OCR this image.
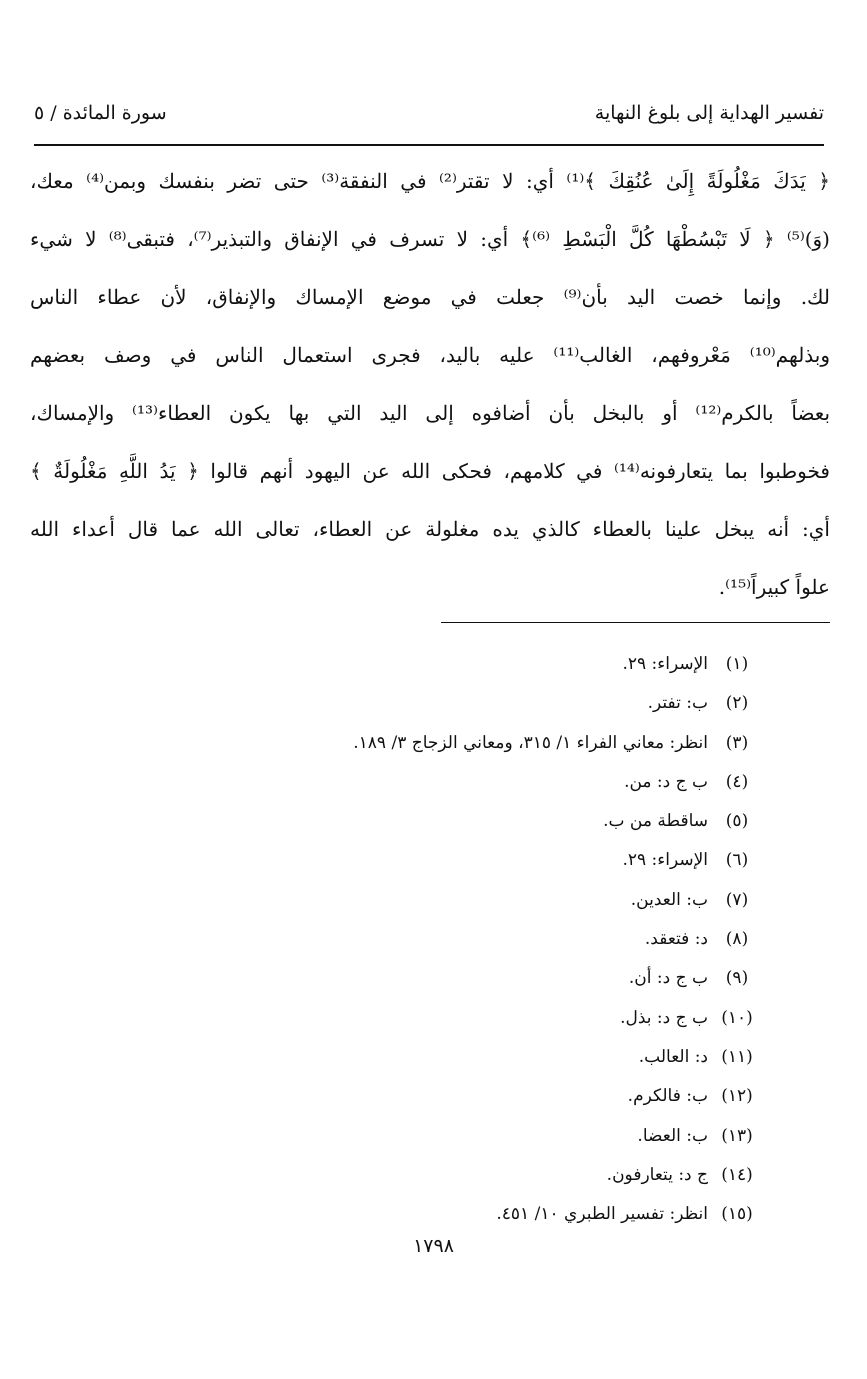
تفسير الهداية إلى بلوغ النهاية
سورة المائدة / ٥
﴿ يَدَكَ مَغْلُولَةً إِلَىٰ عُنُقِكَ ﴾⁽¹⁾ أي: لا تقتر⁽²⁾ في النفقة⁽³⁾ حتى تضر بنفسك وبمن⁽⁴⁾ معك،
(وَ)⁽⁵⁾ ﴿ لَا تَبْسُطْهَا كُلَّ الْبَسْطِ ⁽⁶⁾﴾ أي: لا تسرف في الإنفاق والتبذير⁽⁷⁾، فتبقى⁽⁸⁾ لا شيء
لك. وإنما خصت اليد بأن⁽⁹⁾ جعلت في موضع الإمساك والإنفاق، لأن عطاء الناس
وبذلهم⁽¹⁰⁾ مَعْروفهم، الغالب⁽¹¹⁾ عليه باليد، فجرى استعمال الناس في وصف بعضهم
بعضاً بالكرم⁽¹²⁾ أو بالبخل بأن أضافوه إلى اليد التي بها يكون العطاء⁽¹³⁾ والإمساك،
فخوطبوا بما يتعارفونه⁽¹⁴⁾ في كلامهم، فحكى الله عن اليهود أنهم قالوا ﴿ يَدُ اللَّهِ مَغْلُولَةٌ ﴾
أي: أنه يبخل علينا بالعطاء كالذي يده مغلولة عن العطاء، تعالى الله عما قال أعداء الله
علواً كبيراً⁽¹⁵⁾.
(١)الإسراء: ٢٩.
(٢)ب: تفتر.
(٣)انظر: معاني الفراء ١/ ٣١٥، ومعاني الزجاج ٣/ ١٨٩.
(٤)ب ج د: من.
(٥)ساقطة من ب.
(٦)الإسراء: ٢٩.
(٧)ب: العدين.
(٨)د: فتعقد.
(٩)ب ج د: أن.
(١٠)ب ج د: بذل.
(١١)د: العالب.
(١٢)ب: فالكرم.
(١٣)ب: العضا.
(١٤)ج د: يتعارفون.
(١٥)انظر: تفسير الطبري ١٠/ ٤٥١.
١٧٩٨
